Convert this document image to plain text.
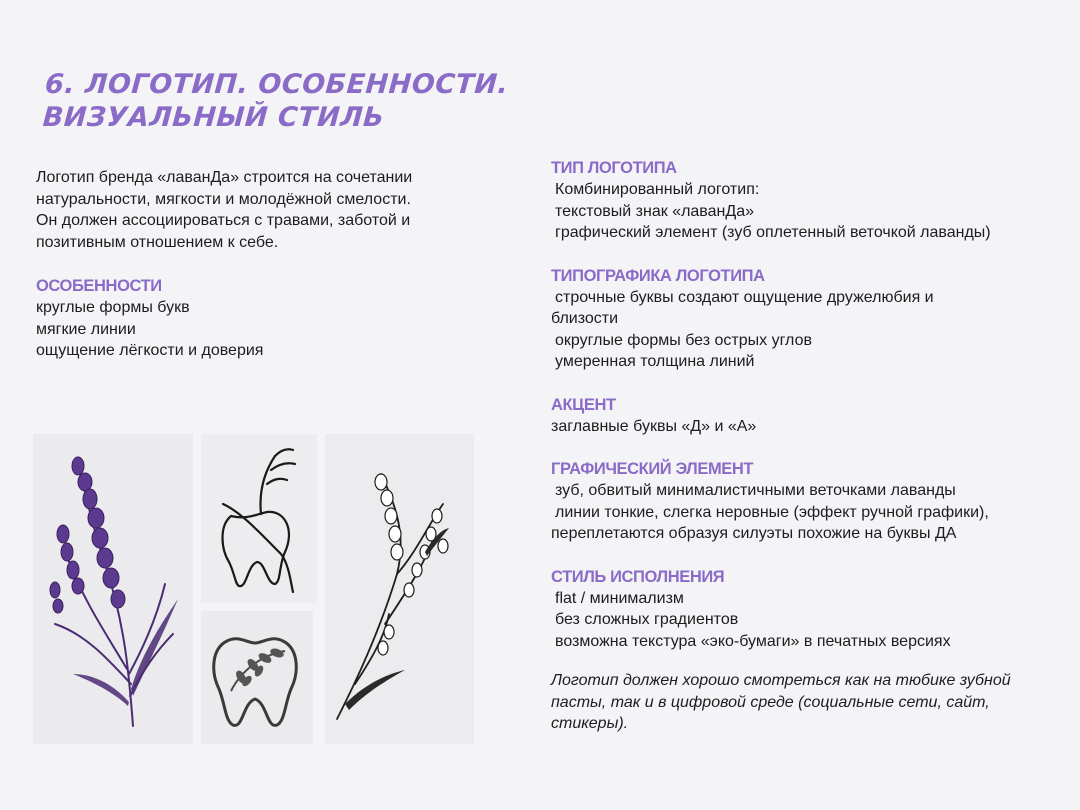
6. ЛОГОТИП. ОСОБЕННОСТИ.
ВИЗУАЛЬНЫЙ СТИЛЬ
Логотип бренда «лаванДа» строится на сочетании
натуральности, мягкости и молодёжной смелости.
Он должен ассоциироваться с травами, заботой и
позитивным отношением к себе.
ОСОБЕННОСТИ
круглые формы букв
мягкие линии
ощущение лёгкости и доверия
ТИП ЛОГОТИПА
Комбинированный логотип:
текстовый знак «лаванДа»
графический элемент (зуб оплетенный веточкой лаванды)
ТИПОГРАФИКА ЛОГОТИПА
строчные буквы создают ощущение дружелюбия и
близости
округлые формы без острых углов
умеренная толщина линий
АКЦЕНТ
заглавные буквы «Д» и «А»
ГРАФИЧЕСКИЙ ЭЛЕМЕНТ
зуб, обвитый минималистичными веточками лаванды
линии тонкие, слегка неровные (эффект ручной графики),
переплетаются образуя силуэты похожие на буквы ДА
СТИЛЬ ИСПОЛНЕНИЯ
flat / минимализм
без сложных градиентов
возможна текстура «эко-бумаги» в печатных версиях
Логотип должен хорошо смотреться как на тюбике зубной
пасты, так и в цифровой среде (социальные сети, сайт,
стикеры).
